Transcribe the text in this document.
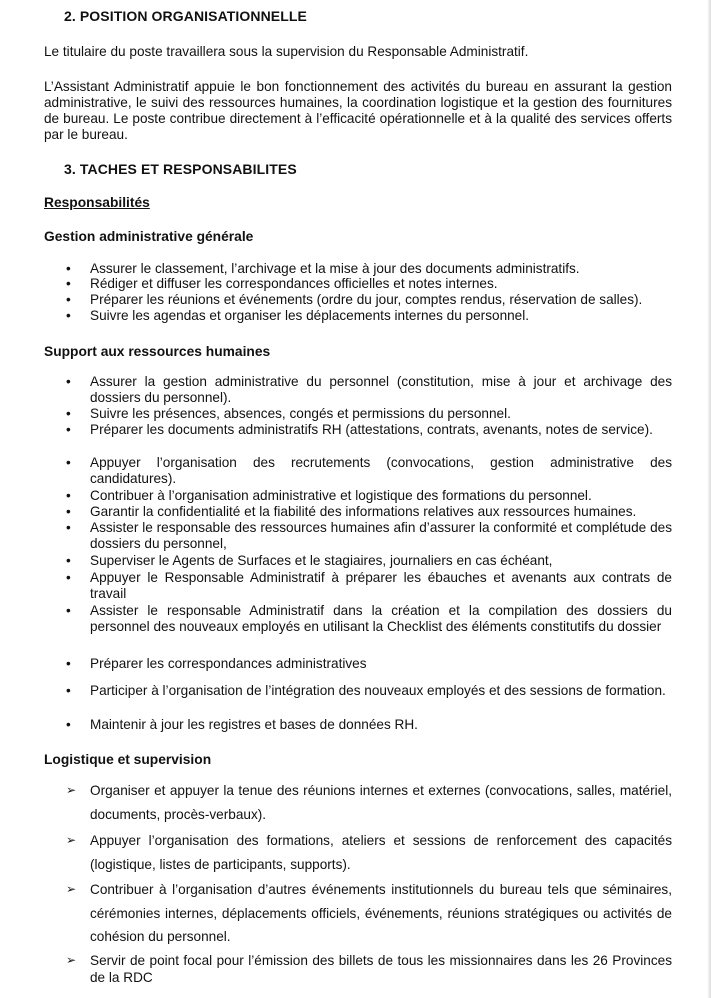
2. POSITION ORGANISATIONNELLE
Le titulaire du poste travaillera sous la supervision du Responsable Administratif.
L’Assistant Administratif appuie le bon fonctionnement des activités du bureau en assurant la gestion administrative, le suivi des ressources humaines, la coordination logistique et la gestion des fournitures de bureau. Le poste contribue directement à l’efficacité opérationnelle et à la qualité des services offerts par le bureau.
3. TACHES ET RESPONSABILITES
Responsabilités
Gestion administrative générale
•	Assurer le classement, l’archivage et la mise à jour des documents administratifs.
•	Rédiger et diffuser les correspondances officielles et notes internes.
•	Préparer les réunions et événements (ordre du jour, comptes rendus, réservation de salles).
•	Suivre les agendas et organiser les déplacements internes du personnel.
Support aux ressources humaines
•	Assurer la gestion administrative du personnel (constitution, mise à jour et archivage des dossiers du personnel).
•	Suivre les présences, absences, congés et permissions du personnel.
•	Préparer les documents administratifs RH (attestations, contrats, avenants, notes de service).
•	Appuyer l’organisation des recrutements (convocations, gestion administrative des candidatures).
•	Contribuer à l’organisation administrative et logistique des formations du personnel.
•	Garantir la confidentialité et la fiabilité des informations relatives aux ressources humaines.
•	Assister le responsable des ressources humaines afin d’assurer la conformité et complétude des dossiers du personnel,
•	Superviser le Agents de Surfaces et le stagiaires, journaliers en cas échéant,
•	Appuyer le Responsable Administratif à préparer les ébauches et avenants aux contrats de travail
•	Assister le responsable Administratif dans la création et la compilation des dossiers du personnel des nouveaux employés en utilisant la Checklist des éléments constitutifs du dossier
•	Préparer les correspondances administratives
•	Participer à l’organisation de l’intégration des nouveaux employés et des sessions de formation.
•	Maintenir à jour les registres et bases de données RH.
Logistique et supervision
➢ Organiser et appuyer la tenue des réunions internes et externes (convocations, salles, matériel, documents, procès-verbaux).
➢ Appuyer l’organisation des formations, ateliers et sessions de renforcement des capacités (logistique, listes de participants, supports).
➢ Contribuer à l’organisation d’autres événements institutionnels du bureau tels que séminaires, cérémonies internes, déplacements officiels, événements, réunions stratégiques ou activités de cohésion du personnel.
➢ Servir de point focal pour l’émission des billets de tous les missionnaires dans les 26 Provinces de la RDC
